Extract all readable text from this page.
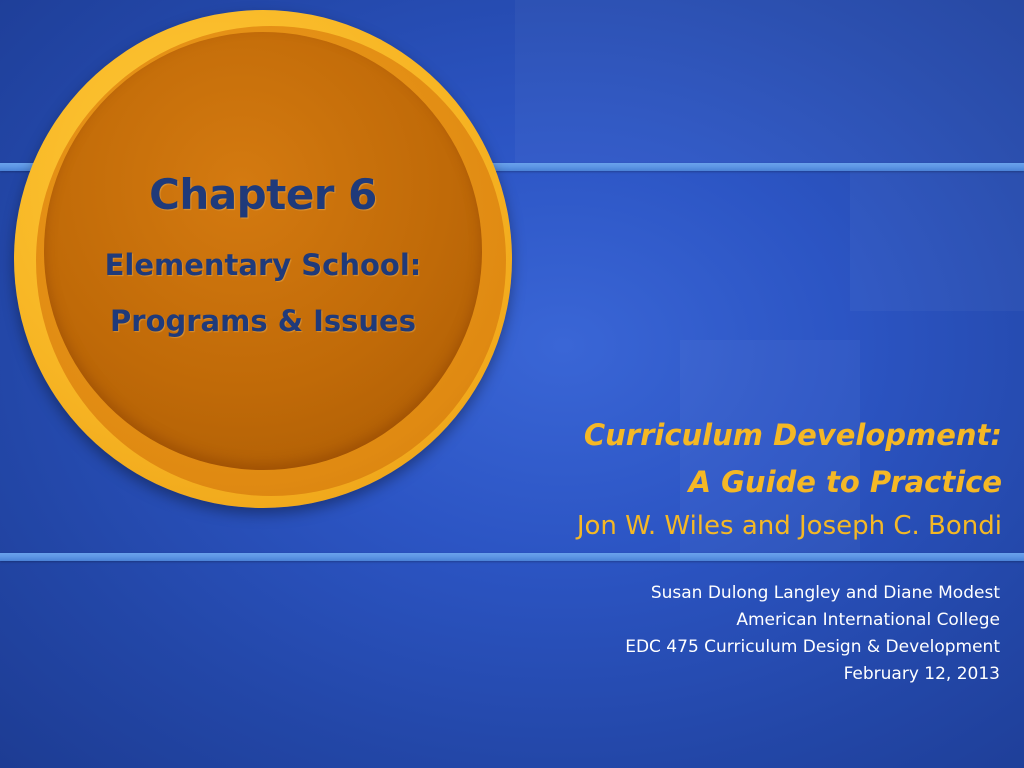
Chapter 6
Elementary School:
Programs & Issues
Curriculum Development:
A Guide to Practice
Jon W. Wiles and Joseph C. Bondi
Susan Dulong Langley and Diane Modest
American International College
EDC 475 Curriculum Design & Development
February 12, 2013
